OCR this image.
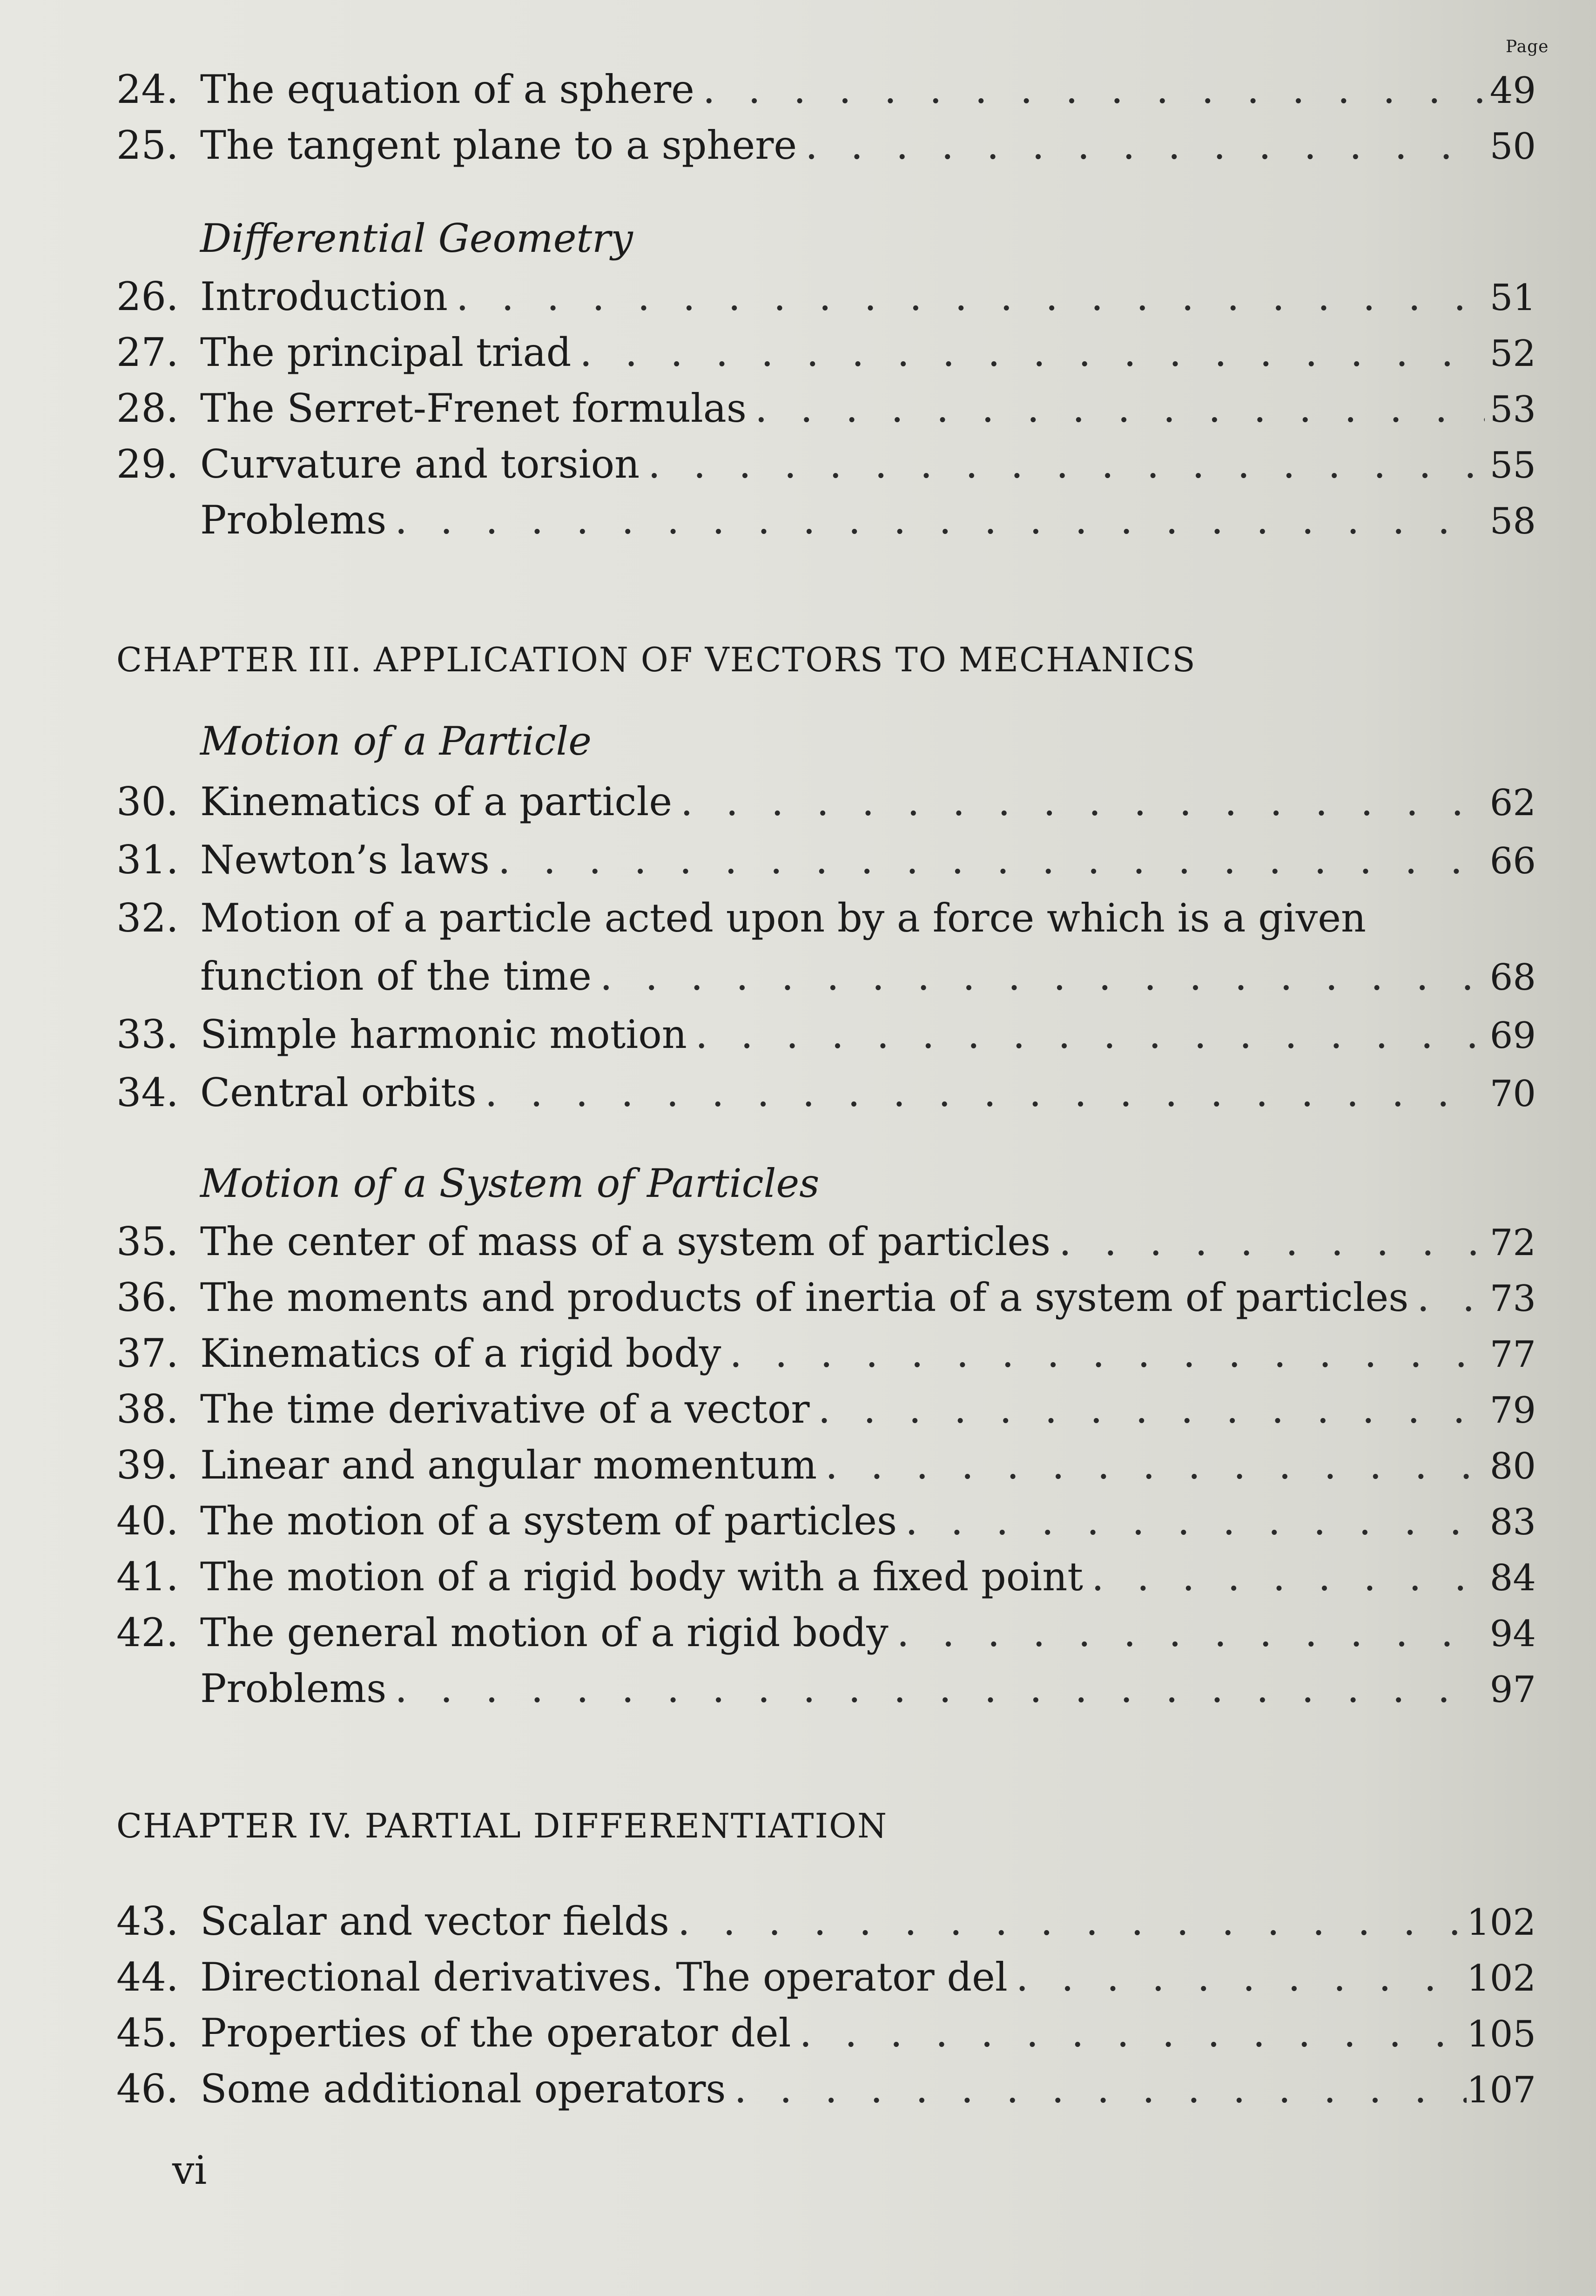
Page
24. The equation of a sphere . . .	49
25. The tangent plane to a sphere . . .	50
Differential Geometry
26. Introduction . . .	51
27. The principal triad . . .	52
28. The Serret-Frenet formulas . . .	53
29. Curvature and torsion . . .	55
Problems . . .	58
CHAPTER III. APPLICATION OF VECTORS TO MECHANICS
Motion of a Particle
30. Kinematics of a particle . . .	62
31. Newton’s laws . . .	66
32. Motion of a particle acted upon by a force which is a given
function of the time . . .	68
33. Simple harmonic motion . . .	69
34. Central orbits . . .	70
Motion of a System of Particles
35. The center of mass of a system of particles . . .	72
36. The moments and products of inertia of a system of particles . . . 73
37. Kinematics of a rigid body . . .	77
38. The time derivative of a vector . . .	79
39. Linear and angular momentum . . .	80
40. The motion of a system of particles . . .	83
41. The motion of a rigid body with a fixed point . . .	84
42. The general motion of a rigid body . . .	94
Problems . . .	97
CHAPTER IV. PARTIAL DIFFERENTIATION
43. Scalar and vector fields . . .	102
44. Directional derivatives. The operator del . . .	102
45. Properties of the operator del . . .	105
46. Some additional operators . . .	107
vi
